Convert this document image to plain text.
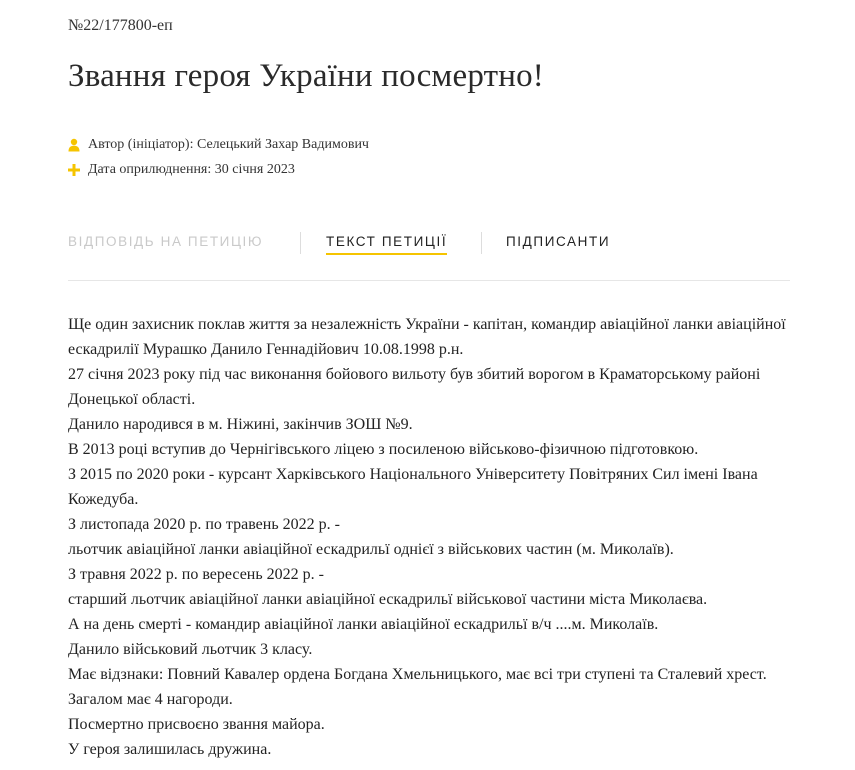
№22/177800-еп
Звання героя України посмертно!
Автор (ініціатор): Селецький Захар Вадимович
Дата оприлюднення: 30 січня 2023
ВІДПОВІДЬ НА ПЕТИЦІЮ	ТЕКСТ ПЕТИЦІЇ	ПІДПИСАНТИ

Ще один захисник поклав життя за незалежність України - капітан, командир авіаційної ланки авіаційної ескадрилії Мурашко Данило Геннадійович 10.08.1998 р.н.

27 січня 2023 року під час виконання бойового вильоту був збитий ворогом в Краматорському районі Донецької області.

Данило народився в м. Ніжині, закінчив ЗОШ №9.

В 2013 році вступив до Чернігівського ліцею з посиленою військово-фізичною підготовкою.

З 2015 по 2020 роки - курсант Харківського Національного Університету Повітряних Сил імені Івана Кожедуба.

З листопада 2020 р. по травень 2022 р. -

льотчик авіаційної ланки авіаційної ескадрильї однієї з військових частин (м. Миколаїв).

З травня 2022 р. по вересень 2022 р. -

старший льотчик авіаційної ланки авіаційної ескадрильї військової частини міста Миколаєва.

А на день смерті - командир авіаційної ланки авіаційної ескадрильї в/ч ....м. Миколаїв.

Данило військовий льотчик 3 класу.

Має відзнаки: Повний Кавалер ордена Богдана Хмельницького, має всі три ступені та Сталевий хрест. Загалом має 4 нагороди.

Посмертно присвоєно звання майора.

У героя залишилась дружина.
